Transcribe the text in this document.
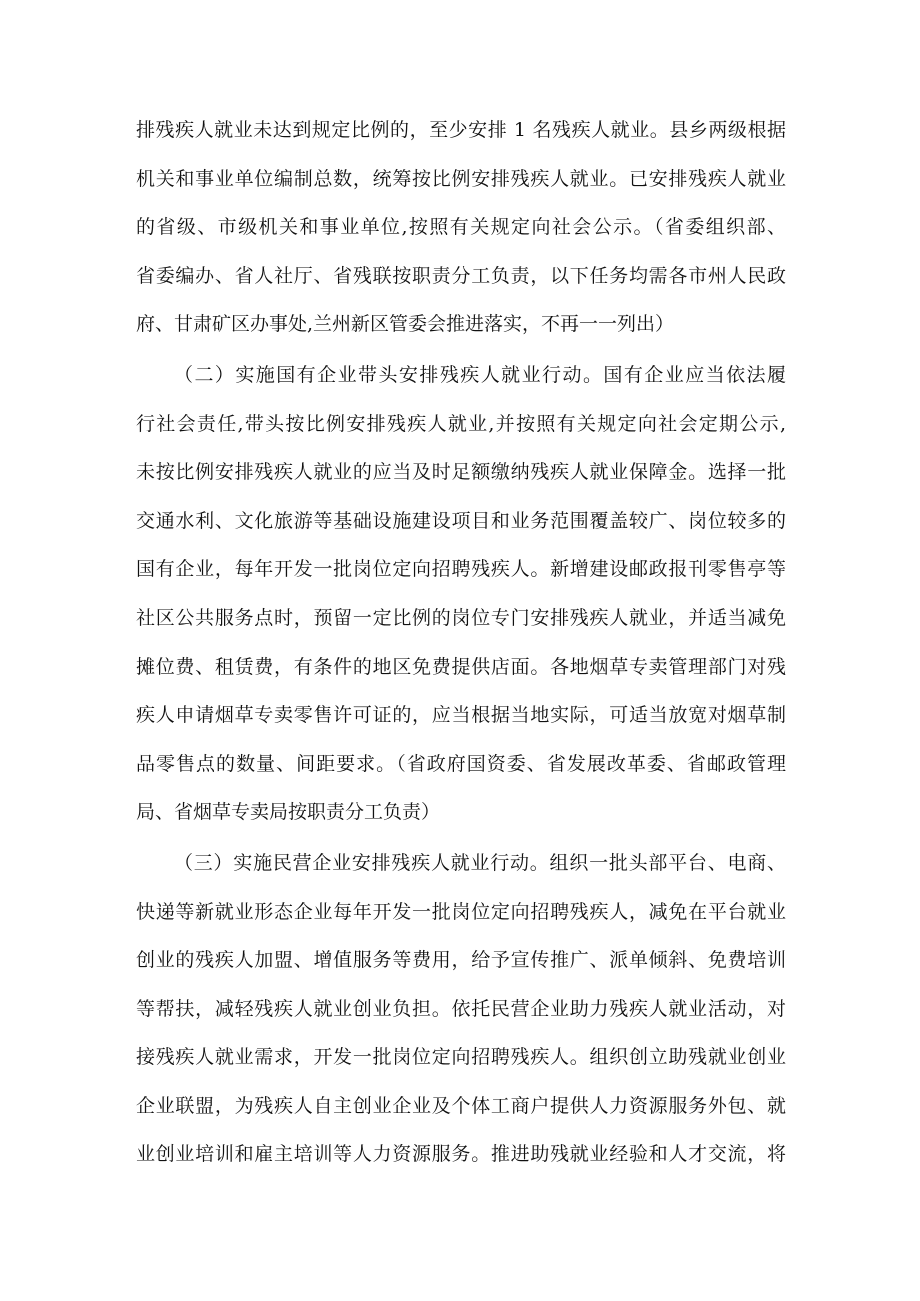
排残疾人就业未达到规定比例的，至少安排 1 名残疾人就业。县乡两级根据
机关和事业单位编制总数，统筹按比例安排残疾人就业。已安排残疾人就业
的省级、市级机关和事业单位,按照有关规定向社会公示。（省委组织部、
省委编办、省人社厅、省残联按职责分工负责，以下任务均需各市州人民政
府、甘肃矿区办事处,兰州新区管委会推进落实，不再一一列出）
（二）实施国有企业带头安排残疾人就业行动。国有企业应当依法履
行社会责任,带头按比例安排残疾人就业,并按照有关规定向社会定期公示,
未按比例安排残疾人就业的应当及时足额缴纳残疾人就业保障金。选择一批
交通水利、文化旅游等基础设施建设项目和业务范围覆盖较广、岗位较多的
国有企业，每年开发一批岗位定向招聘残疾人。新增建设邮政报刊零售亭等
社区公共服务点时，预留一定比例的岗位专门安排残疾人就业，并适当减免
摊位费、租赁费，有条件的地区免费提供店面。各地烟草专卖管理部门对残
疾人申请烟草专卖零售许可证的，应当根据当地实际，可适当放宽对烟草制
品零售点的数量、间距要求。（省政府国资委、省发展改革委、省邮政管理
局、省烟草专卖局按职责分工负责）
（三）实施民营企业安排残疾人就业行动。组织一批头部平台、电商、
快递等新就业形态企业每年开发一批岗位定向招聘残疾人，减免在平台就业
创业的残疾人加盟、增值服务等费用，给予宣传推广、派单倾斜、免费培训
等帮扶，减轻残疾人就业创业负担。依托民营企业助力残疾人就业活动，对
接残疾人就业需求，开发一批岗位定向招聘残疾人。组织创立助残就业创业
企业联盟，为残疾人自主创业企业及个体工商户提供人力资源服务外包、就
业创业培训和雇主培训等人力资源服务。推进助残就业经验和人才交流，将
